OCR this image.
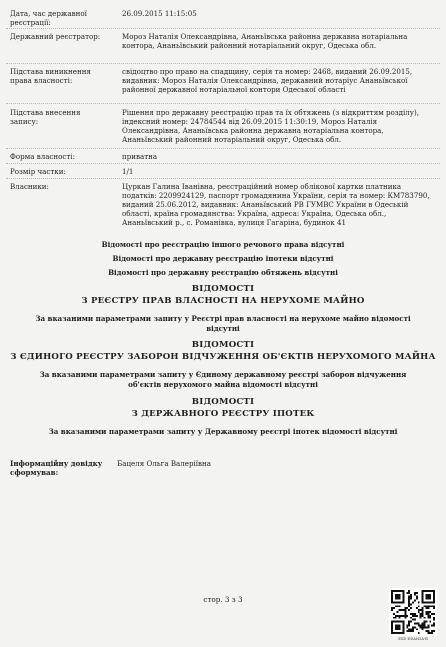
Дата, час державної реєстрації:
26.09.2015 11:15:05
Державний реєстратор:	Мороз Наталія Олександрівна, Ананьївська районна державна нотаріальна контора, Ананьївський районний нотаріальний округ, Одеська обл.
Підстава виникнення права власності:
свідоцтво про право на спадщину, серія та номер: 2468, виданий 26.09.2015, видавник: Мороз Наталія Олександрівна, державний нотаріус Ананьївської районної державної нотаріальної контори Одеської області
Підстава внесення запису:
Рішення про державну реєстрацію прав та їх обтяжень (з відкриттям розділу), індексний номер: 24784544 від 26.09.2015 11:30:19, Мороз Наталія Олександрівна, Ананьївська районна державна нотаріальна контора, Ананьївський районний нотаріальний округ, Одеська обл.
Форма власності:	приватна
Розмір частки:	1/1
Власники:	Цуркан Галина Іванівна, реєстраційний номер облікової картки платника податків: 2209924129, паспорт громадянина України, серія та номер: КМ783790, виданий 25.06.2012, видавник: Ананьївський РВ ГУМВС України в Одеській області, країна громадянства: Україна, адреса: Україна, Одеська обл., Ананьївський р., с. Романівка, вулиця Гагаріна, будинок 41
Відомості про реєстрацію іншого речового права відсутні
Відомості про державну реєстрацію іпотеки відсутні
Відомості про державну реєстрацію обтяжень відсутні
ВІДОМОСТІ
З РЕЄСТРУ ПРАВ ВЛАСНОСТІ НА НЕРУХОМЕ МАЙНО
За вказаними параметрами запиту у Реєстрі прав власності на нерухоме майно відомості
відсутні
ВІДОМОСТІ
З ЄДИНОГО РЕЄСТРУ ЗАБОРОН ВІДЧУЖЕННЯ ОБ'ЄКТІВ НЕРУХОМОГО МАЙНА
За вказаними параметрами запиту у Єдиному державному реєстрі заборон відчуження
об'єктів нерухомого майна відомості відсутні
ВІДОМОСТІ
З ДЕРЖАВНОГО РЕЄСТРУ ІПОТЕК
За вказаними параметрами запиту у Державному реєстрі іпотек відомості відсутні
Інформаційну довідку сформував:
Бацеля Ольга Валеріївна
стор. 3 з 3
EXD-DDAH3A-B
